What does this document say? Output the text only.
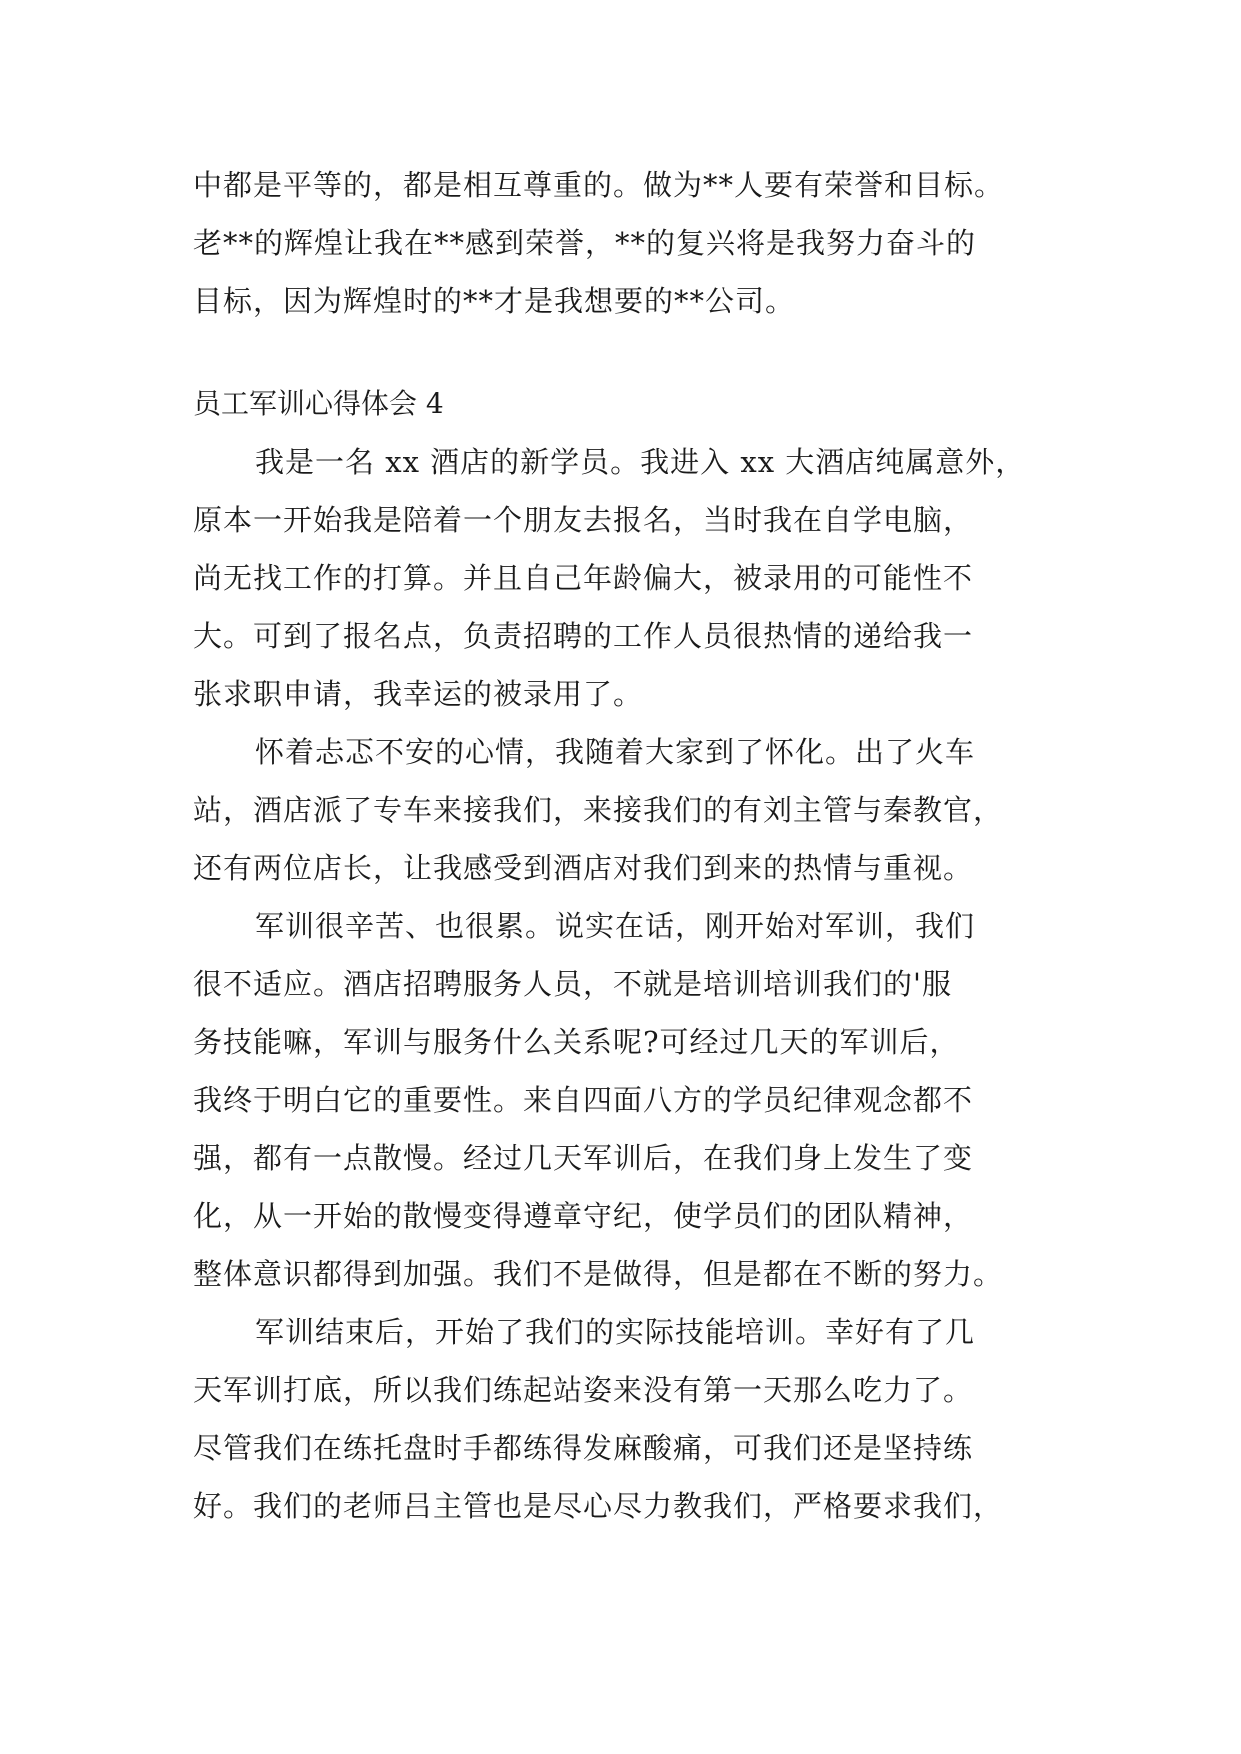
中都是平等的，都是相互尊重的。做为**人要有荣誉和目标。
老**的辉煌让我在**感到荣誉，**的复兴将是我努力奋斗的
目标，因为辉煌时的**才是我想要的**公司。
员工军训心得体会 4
我是一名 xx 酒店的新学员。我进入 xx 大酒店纯属意外，
原本一开始我是陪着一个朋友去报名，当时我在自学电脑，
尚无找工作的打算。并且自己年龄偏大，被录用的可能性不
大。可到了报名点，负责招聘的工作人员很热情的递给我一
张求职申请，我幸运的被录用了。
怀着忐忑不安的心情，我随着大家到了怀化。出了火车
站，酒店派了专车来接我们，来接我们的有刘主管与秦教官，
还有两位店长，让我感受到酒店对我们到来的热情与重视。
军训很辛苦、也很累。说实在话，刚开始对军训，我们
很不适应。酒店招聘服务人员，不就是培训培训我们的'服
务技能嘛，军训与服务什么关系呢?可经过几天的军训后，
我终于明白它的重要性。来自四面八方的学员纪律观念都不
强，都有一点散慢。经过几天军训后，在我们身上发生了变
化，从一开始的散慢变得遵章守纪，使学员们的团队精神，
整体意识都得到加强。我们不是做得，但是都在不断的努力。
军训结束后，开始了我们的实际技能培训。幸好有了几
天军训打底，所以我们练起站姿来没有第一天那么吃力了。
尽管我们在练托盘时手都练得发麻酸痛，可我们还是坚持练
好。我们的老师吕主管也是尽心尽力教我们，严格要求我们，
